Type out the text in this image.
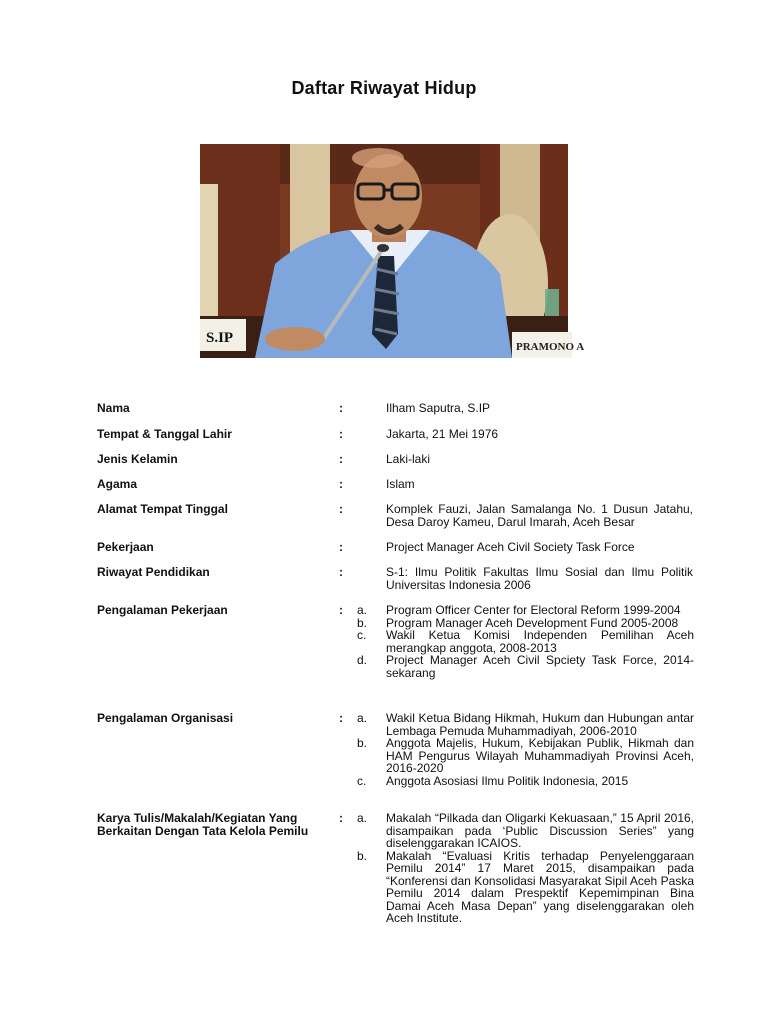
Daftar Riwayat Hidup
S.IP
PRAMONO A
Nama	:	Ilham Saputra, S.IP
Tempat & Tanggal Lahir	:	Jakarta, 21 Mei 1976
Jenis Kelamin	:	Laki-laki
Agama	:	Islam
Alamat Tempat Tinggal	:	Komplek Fauzi, Jalan Samalanga No. 1 Dusun Jatahu, Desa Daroy Kameu, Darul Imarah, Aceh Besar
Pekerjaan	:	Project Manager Aceh Civil Society Task Force
Riwayat Pendidikan	:	S-1: Ilmu Politik Fakultas Ilmu Sosial dan Ilmu Politik Universitas Indonesia 2006
Pengalaman Pekerjaan	: a.	Program Officer Center for Electoral Reform 1999-2004
b.	Program Manager Aceh Development Fund 2005-2008
c.	Wakil Ketua Komisi Independen Pemilihan Aceh merangkap anggota, 2008-2013
d.	Project Manager Aceh Civil Spciety Task Force, 2014-sekarang
Pengalaman Organisasi	: a.	Wakil Ketua Bidang Hikmah, Hukum dan Hubungan antar Lembaga Pemuda Muhammadiyah, 2006-2010
b.	Anggota Majelis, Hukum, Kebijakan Publik, Hikmah dan HAM Pengurus Wilayah Muhammadiyah Provinsi Aceh, 2016-2020
c.	Anggota Asosiasi Ilmu Politik Indonesia, 2015
Karya Tulis/Makalah/Kegiatan Yang Berkaitan Dengan Tata Kelola Pemilu
: a.	Makalah “Pilkada dan Oligarki Kekuasaan,” 15 April 2016, disampaikan pada ‘Public Discussion Series” yang diselenggarakan ICAIOS.
b.	Makalah “Evaluasi Kritis terhadap Penyelenggaraan Pemilu 2014” 17 Maret 2015, disampaikan pada “Konferensi dan Konsolidasi Masyarakat Sipil Aceh Paska Pemilu 2014 dalam Prespektif Kepemimpinan Bina Damai Aceh Masa Depan” yang diselenggarakan oleh Aceh Institute.
